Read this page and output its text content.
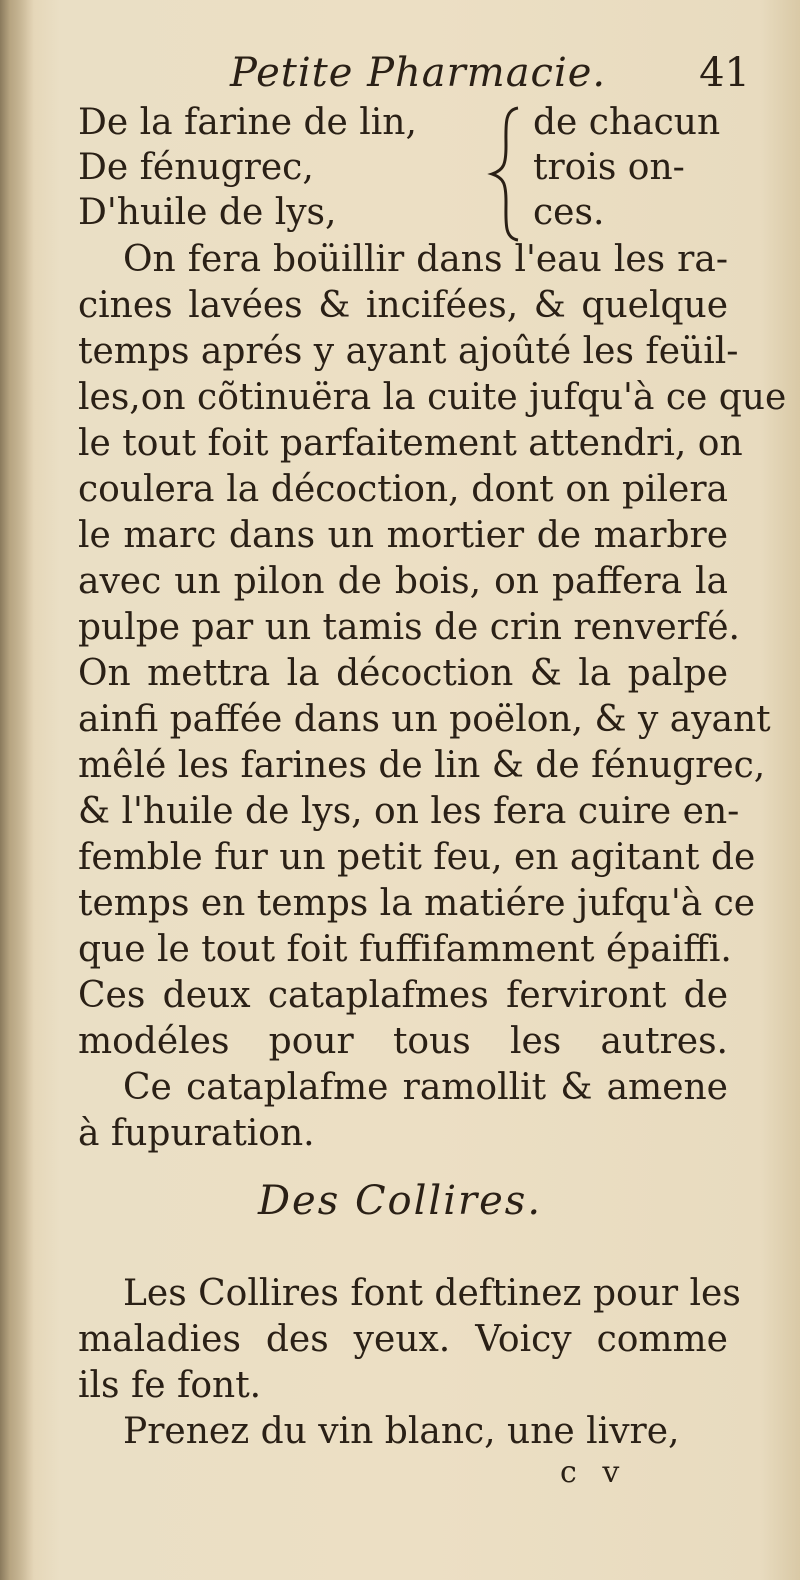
Petite Pharmacie. 41
De la farine de lin,
De fénugrec,
D'huile de lys,
de chacun
trois on-
ces.
On fera boüillir dans l'eau les ra-
cines lavées & incifées, & quelque
temps aprés y ayant ajoûté les feüil-
les,on cõtinuëra la cuite jufqu'à ce que
le tout foit parfaitement attendri, on
coulera la décoction, dont on pilera
le marc dans un mortier de marbre
avec un pilon de bois, on paffera la
pulpe par un tamis de crin renverfé.
On mettra la décoction & la palpe
ainfi paffée dans un poëlon, & y ayant
mêlé les farines de lin & de fénugrec,
& l'huile de lys, on les fera cuire en-
femble fur un petit feu, en agitant de
temps en temps la matiére jufqu'à ce
que le tout foit fuffifamment épaiffi.
Ces deux cataplafmes ferviront de
modéles pour tous les autres.
Ce cataplafme ramollit & amene
à fupuration.
Des Collires.
Les Collires font deftinez pour les
maladies des yeux. Voicy comme
ils fe font.
Prenez du vin blanc, une livre,
c v
